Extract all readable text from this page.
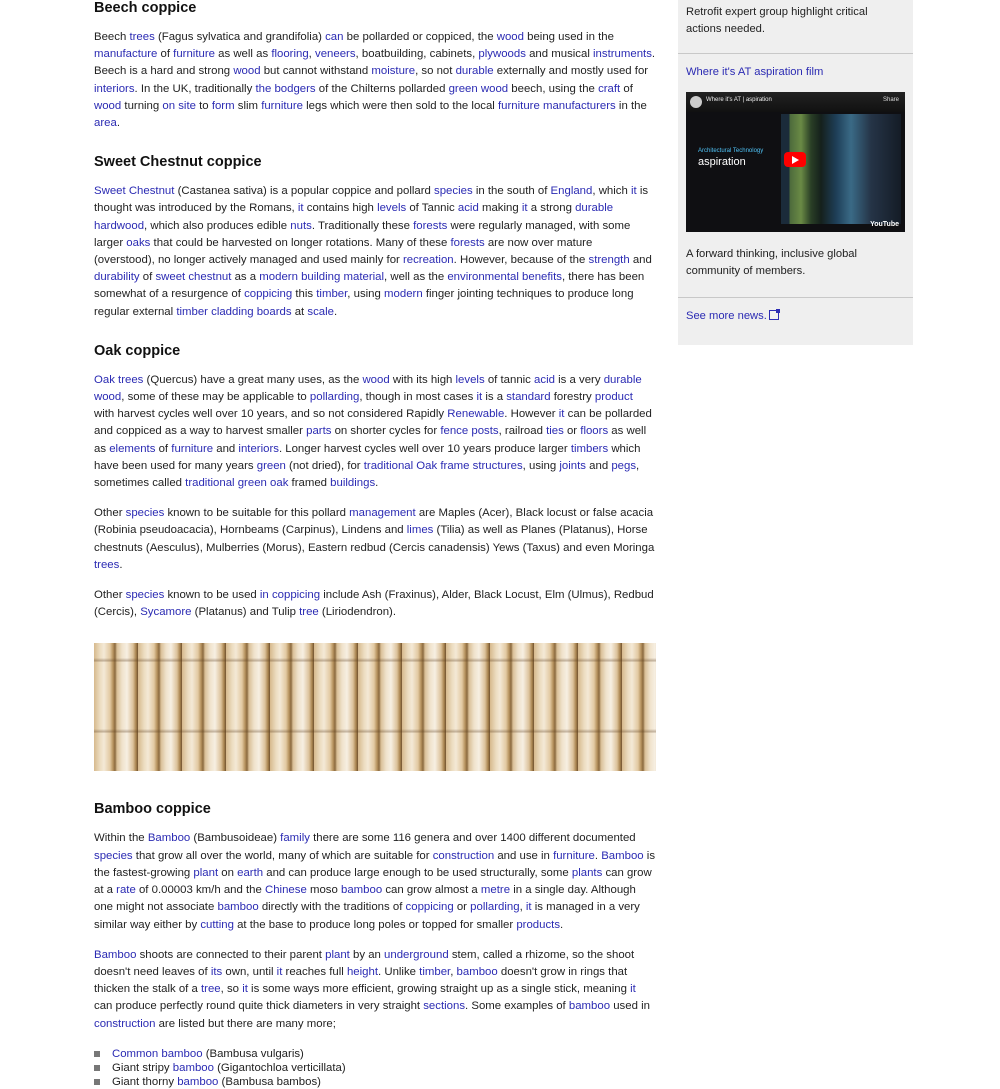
Beech coppice

Beech trees (Fagus sylvatica and grandifolia) can be pollarded or coppiced, the wood being used in the manufacture of furniture as well as flooring, veneers, boatbuilding, cabinets, plywoods and musical instruments. Beech is a hard and strong wood but cannot withstand moisture, so not durable externally and mostly used for interiors. In the UK, traditionally the bodgers of the Chilterns pollarded green wood beech, using the craft of wood turning on site to form slim furniture legs which were then sold to the local furniture manufacturers in the area.

Sweet Chestnut coppice

Sweet Chestnut (Castanea sativa) is a popular coppice and pollard species in the south of England, which it is thought was introduced by the Romans, it contains high levels of Tannic acid making it a strong durable hardwood, which also produces edible nuts. Traditionally these forests were regularly managed, with some larger oaks that could be harvested on longer rotations. Many of these forests are now over mature (overstood), no longer actively managed and used mainly for recreation. However, because of the strength and durability of sweet chestnut as a modern building material, well as the environmental benefits, there has been somewhat of a resurgence of coppicing this timber, using modern finger jointing techniques to produce long regular external timber cladding boards at scale.

Oak coppice

Oak trees (Quercus) have a great many uses, as the wood with its high levels of tannic acid is a very durable wood, some of these may be applicable to pollarding, though in most cases it is a standard forestry product with harvest cycles well over 10 years, and so not considered Rapidly Renewable. However it can be pollarded and coppiced as a way to harvest smaller parts on shorter cycles for fence posts, railroad ties or floors as well as elements of furniture and interiors. Longer harvest cycles well over 10 years produce larger timbers which have been used for many years green (not dried), for traditional Oak frame structures, using joints and pegs, sometimes called traditional green oak framed buildings.

Other species known to be suitable for this pollard management are Maples (Acer), Black locust or false acacia (Robinia pseudoacacia), Hornbeams (Carpinus), Lindens and limes (Tilia) as well as Planes (Platanus), Horse chestnuts (Aesculus), Mulberries (Morus), Eastern redbud (Cercis canadensis) Yews (Taxus) and even Moringa trees.

Other species known to be used in coppicing include Ash (Fraxinus), Alder, Black Locust, Elm (Ulmus), Redbud (Cercis), Sycamore (Platanus) and Tulip tree (Liriodendron).

Bamboo coppice

Within the Bamboo (Bambusoideae) family there are some 116 genera and over 1400 different documented species that grow all over the world, many of which are suitable for construction and use in furniture. Bamboo is the fastest-growing plant on earth and can produce large enough to be used structurally, some plants can grow at a rate of 0.00003 km/h and the Chinese moso bamboo can grow almost a metre in a single day. Although one might not associate bamboo directly with the traditions of coppicing or pollarding, it is managed in a very similar way either by cutting at the base to produce long poles or topped for smaller products.

Bamboo shoots are connected to their parent plant by an underground stem, called a rhizome, so the shoot doesn't need leaves of its own, until it reaches full height. Unlike timber, bamboo doesn't grow in rings that thicken the stalk of a tree, so it is some ways more efficient, growing straight up as a single stick, meaning it can produce perfectly round quite thick diameters in very straight sections. Some examples of bamboo used in construction are listed but there are many more;

Common bamboo (Bambusa vulgaris)
Giant stripy bamboo (Gigantochloa verticillata)
Giant thorny bamboo (Bambusa bambos)
Retrofit expert group highlight critical actions needed.
Where it's AT aspiration film
Where it's AT | aspiration	Share
Architectural Technology
aspiration
YouTube
A forward thinking, inclusive global community of members.
See more news.
